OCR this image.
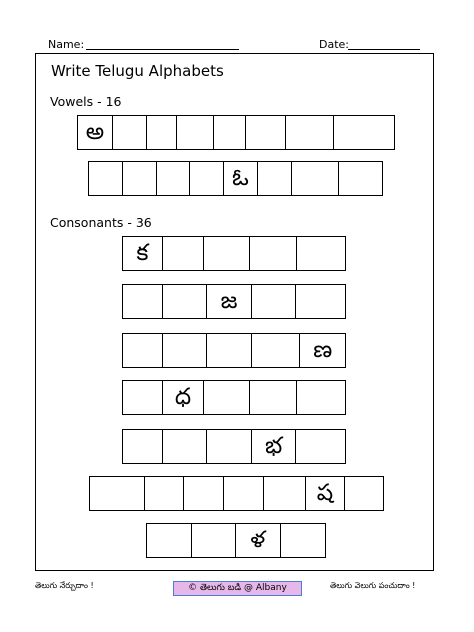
Name:	Date:
Write Telugu Alphabets
Vowels - 16
అ
ఓ
Consonants - 36
క
జ
ణ
ధ
భ
ష
ళ
తెలుగు నేర్చుదాం !	© తెలుగు బడి @ Albany	తెలుగు వెలుగు పంచుదాం !
